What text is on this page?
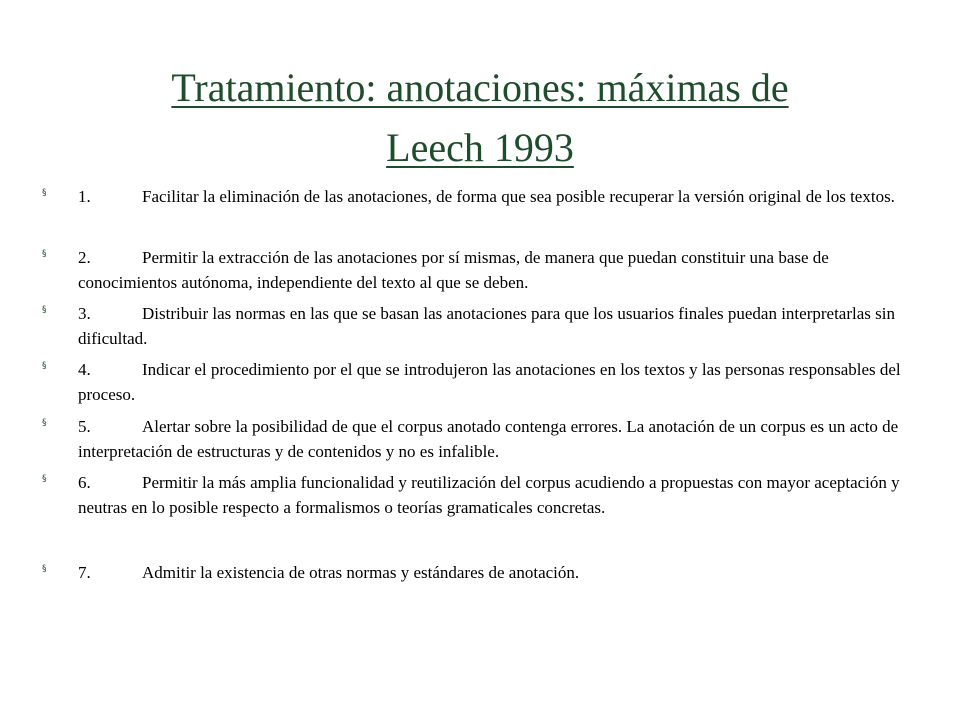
Tratamiento: anotaciones: máximas de
Leech 1993
§	1.	Facilitar la eliminación de las anotaciones, de forma que sea posible recuperar la versión original de los textos.
§	2.	Permitir la extracción de las anotaciones por sí mismas, de manera que puedan constituir una base de conocimientos autónoma, independiente del texto al que se deben.
§	3.	Distribuir las normas en las que se basan las anotaciones para que los usuarios finales puedan interpretarlas sin dificultad.
§	4.	Indicar el procedimiento por el que se introdujeron las anotaciones en los textos y las personas responsables del proceso.
§	5.	Alertar sobre la posibilidad de que el corpus anotado contenga errores. La anotación de un corpus es un acto de interpretación de estructuras y de contenidos y no es infalible.
§	6.	Permitir la más amplia funcionalidad y reutilización del corpus acudiendo a propuestas con mayor aceptación y neutras en lo posible respecto a formalismos o teorías gramaticales concretas.
§	7.	Admitir la existencia de otras normas y estándares de anotación.
